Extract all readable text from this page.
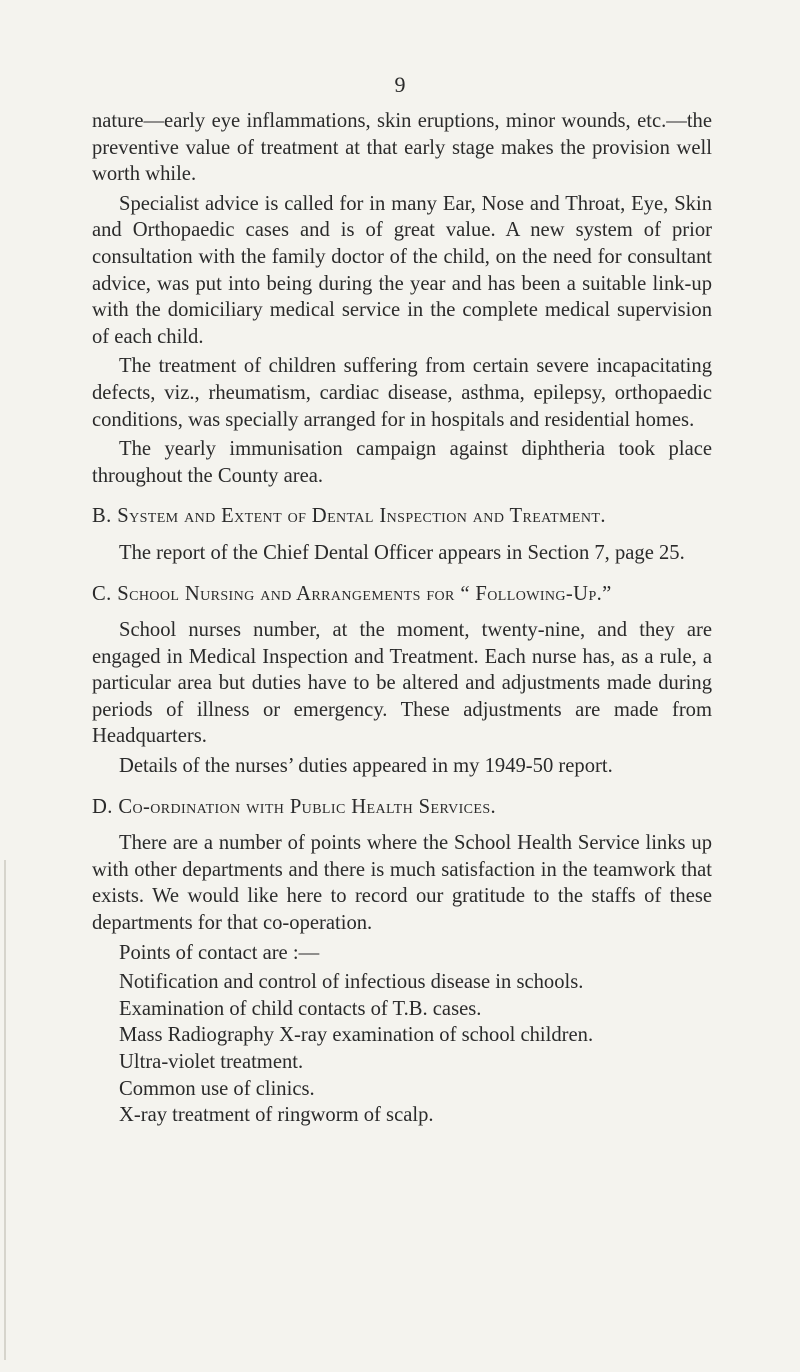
9

nature—early eye inflammations, skin eruptions, minor wounds, etc.—the preventive value of treatment at that early stage makes the provision well worth while.

Specialist advice is called for in many Ear, Nose and Throat, Eye, Skin and Orthopaedic cases and is of great value. A new system of prior consultation with the family doctor of the child, on the need for consultant advice, was put into being during the year and has been a suitable link-up with the domiciliary medical service in the complete medical supervision of each child.

The treatment of children suffering from certain severe incapacitating defects, viz., rheumatism, cardiac disease, asthma, epilepsy, orthopaedic conditions, was specially arranged for in hospitals and residential homes.

The yearly immunisation campaign against diphtheria took place throughout the County area.

B. System and Extent of Dental Inspection and Treatment.

The report of the Chief Dental Officer appears in Section 7, page 25.

C. School Nursing and Arrangements for “ Following-Up.”

School nurses number, at the moment, twenty-nine, and they are engaged in Medical Inspection and Treatment. Each nurse has, as a rule, a particular area but duties have to be altered and adjustments made during periods of illness or emergency. These adjustments are made from Headquarters.

Details of the nurses’ duties appeared in my 1949-50 report.

D. Co-ordination with Public Health Services.

There are a number of points where the School Health Service links up with other departments and there is much satisfaction in the teamwork that exists. We would like here to record our gratitude to the staffs of these departments for that co-operation.

Points of contact are :—

Notification and control of infectious disease in schools.
Examination of child contacts of T.B. cases.
Mass Radiography X-ray examination of school children.
Ultra-violet treatment.
Common use of clinics.
X-ray treatment of ringworm of scalp.
